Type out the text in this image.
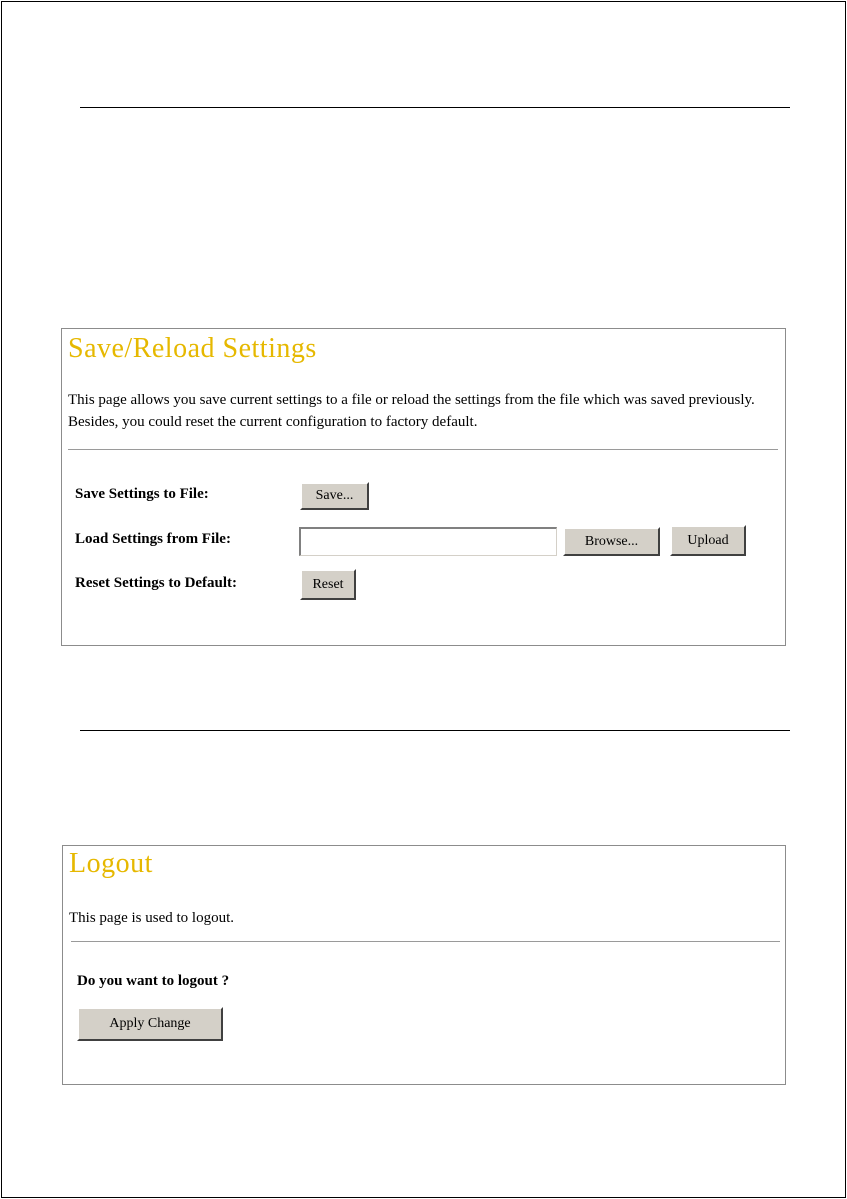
Save/Reload Settings
This page allows you save current settings to a file or reload the settings from the file which was saved previously. Besides, you could reset the current configuration to factory default.
Save Settings to File:	Save...
Load Settings from File:	Browse...	Upload
Reset Settings to Default:	Reset
Logout
This page is used to logout.
Do you want to logout ?
Apply Change
